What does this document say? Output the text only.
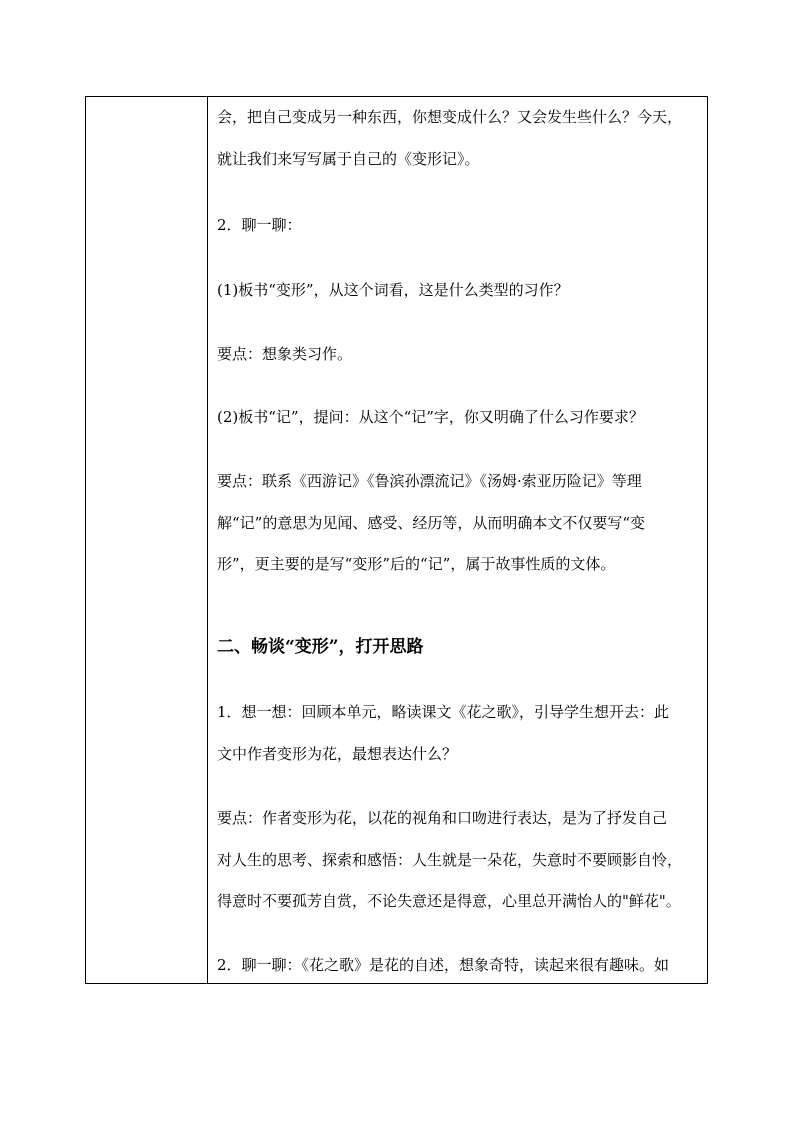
会，把自己变成另一种东西，你想变成什么？又会发生些什么？今天，
就让我们来写写属于自己的《变形记》。
2．聊一聊：
(1)板书“变形”，从这个词看，这是什么类型的习作？
要点：想象类习作。
(2)板书“记”，提问：从这个“记”字，你又明确了什么习作要求？
要点：联系《西游记》《鲁滨孙漂流记》《汤姆·索亚历险记》等理
解“记”的意思为见闻、感受、经历等，从而明确本文不仅要写“变
形”，更主要的是写“变形”后的“记”，属于故事性质的文体。
二、畅谈“变形”，打开思路
1．想一想：回顾本单元，略读课文《花之歌》，引导学生想开去：此
文中作者变形为花，最想表达什么？
要点：作者变形为花，以花的视角和口吻进行表达，是为了抒发自己
对人生的思考、探索和感悟：人生就是一朵花，失意时不要顾影自怜，
得意时不要孤芳自赏，不论失意还是得意，心里总开满怡人的"鲜花"。
2．聊一聊：《花之歌》是花的自述，想象奇特，读起来很有趣味。如
